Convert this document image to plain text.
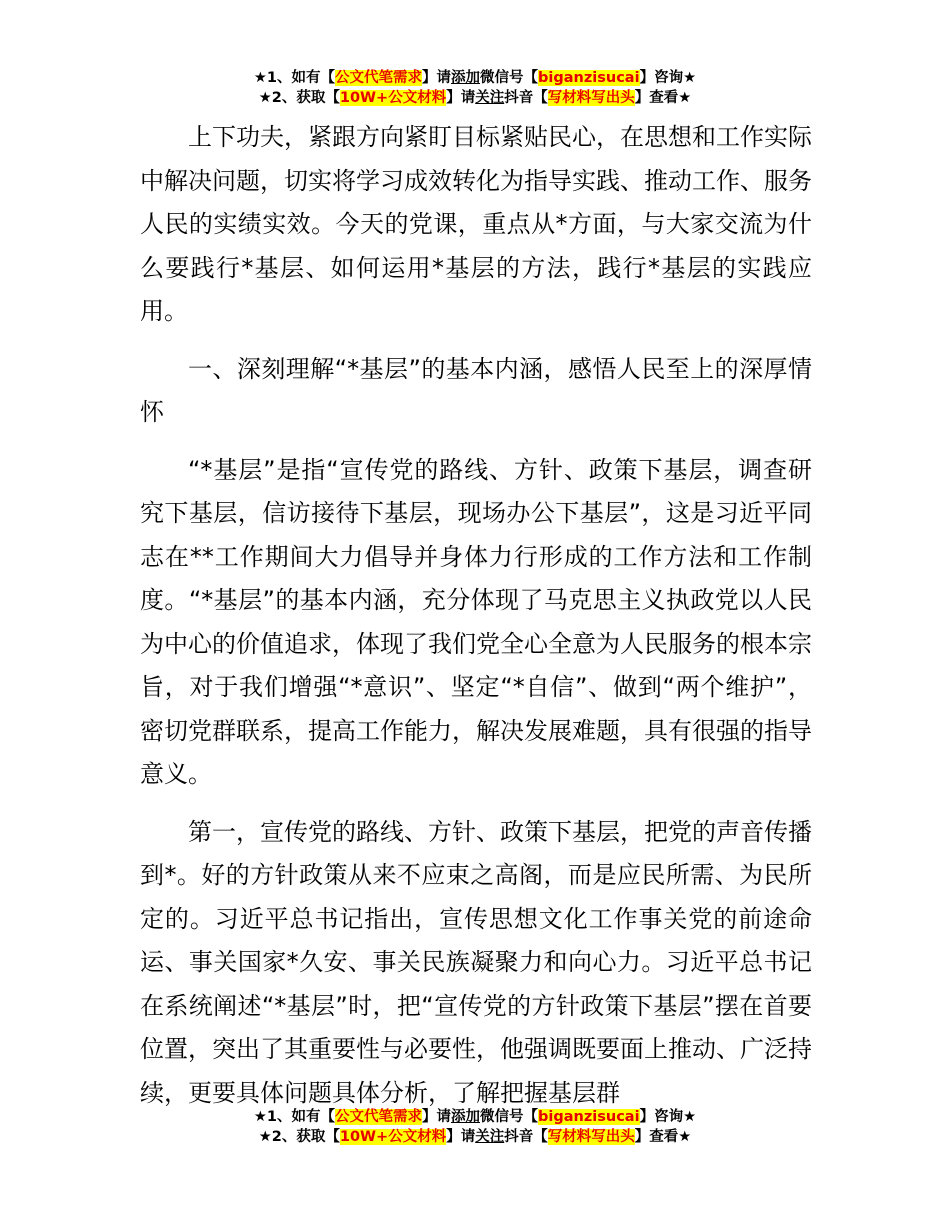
★1、如有【公文代笔需求】请添加微信号【biganzisucai】咨询★
★2、获取【10W+公文材料】请关注抖音【写材料写出头】查看★

上下功夫，紧跟方向紧盯目标紧贴民心，在思想和工作实际中解决问题，切实将学习成效转化为指导实践、推动工作、服务人民的实绩实效。今天的党课，重点从*方面，与大家交流为什么要践行*基层、如何运用*基层的方法，践行*基层的实践应用。

一、深刻理解“*基层”的基本内涵，感悟人民至上的深厚情怀

“*基层”是指“宣传党的路线、方针、政策下基层，调查研究下基层，信访接待下基层，现场办公下基层”，这是习近平同志在**工作期间大力倡导并身体力行形成的工作方法和工作制度。“*基层”的基本内涵，充分体现了马克思主义执政党以人民为中心的价值追求，体现了我们党全心全意为人民服务的根本宗旨，对于我们增强“*意识”、坚定“*自信”、做到“两个维护”，密切党群联系，提高工作能力，解决发展难题，具有很强的指导意义。

第一，宣传党的路线、方针、政策下基层，把党的声音传播到*。好的方针政策从来不应束之高阁，而是应民所需、为民所定的。习近平总书记指出，宣传思想文化工作事关党的前途命运、事关国家*久安、事关民族凝聚力和向心力。习近平总书记在系统阐述“*基层”时，把“宣传党的方针政策下基层”摆在首要位置，突出了其重要性与必要性，他强调既要面上推动、广泛持续，更要具体问题具体分析，了解把握基层群

★1、如有【公文代笔需求】请添加微信号【biganzisucai】咨询★
★2、获取【10W+公文材料】请关注抖音【写材料写出头】查看★
